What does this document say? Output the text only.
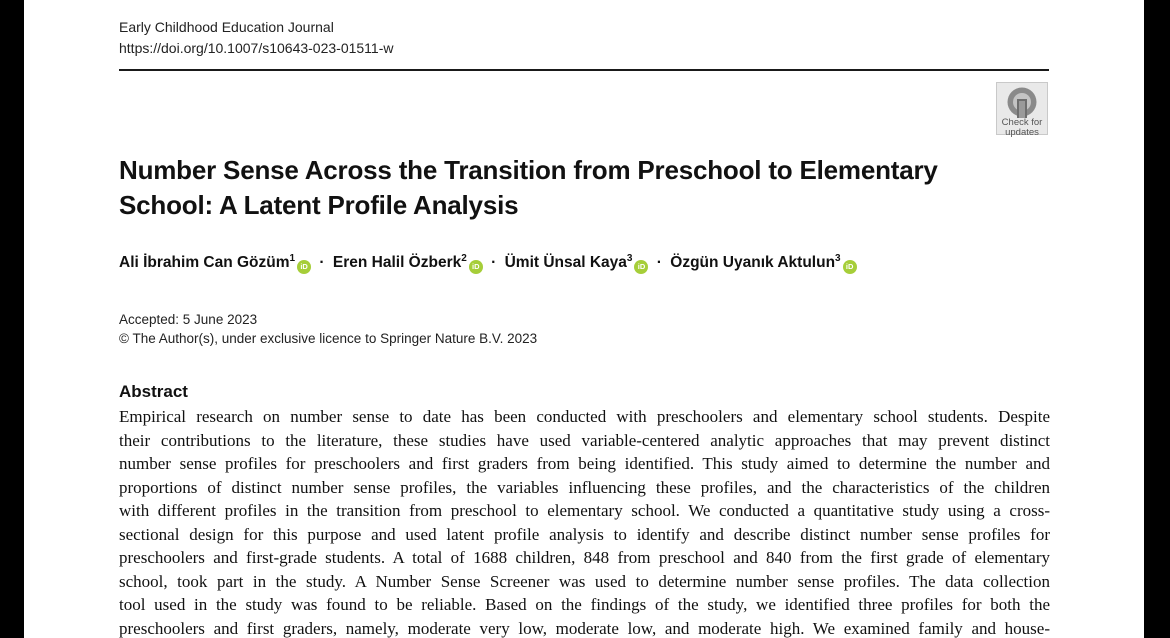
Early Childhood Education Journal
https://doi.org/10.1007/s10643-023-01511-w
Check for
updates
Number Sense Across the Transition from Preschool to Elementary
School: A Latent Profile Analysis
Ali İbrahim Can Gözüm$^1$iD · Eren Halil Özberk$^2$iD · Ümit Ünsal Kaya$^3$iD · Özgün Uyanık Aktulun$^3$iD
Accepted: 5 June 2023
© The Author(s), under exclusive licence to Springer Nature B.V. 2023
Abstract
Empirical research on number sense to date has been conducted with preschoolers and elementary school students. Despite
their contributions to the literature, these studies have used variable-centered analytic approaches that may prevent distinct
number sense profiles for preschoolers and first graders from being identified. This study aimed to determine the number and
proportions of distinct number sense profiles, the variables influencing these profiles, and the characteristics of the children
with different profiles in the transition from preschool to elementary school. We conducted a quantitative study using a cross-
sectional design for this purpose and used latent profile analysis to identify and describe distinct number sense profiles for
preschoolers and first-grade students. A total of 1688 children, 848 from preschool and 840 from the first grade of elementary
school, took part in the study. A Number Sense Screener was used to determine number sense profiles. The data collection
tool used in the study was found to be reliable. Based on the findings of the study, we identified three profiles for both the
preschoolers and first graders, namely, moderate very low, moderate low, and moderate high. We examined family and house-
